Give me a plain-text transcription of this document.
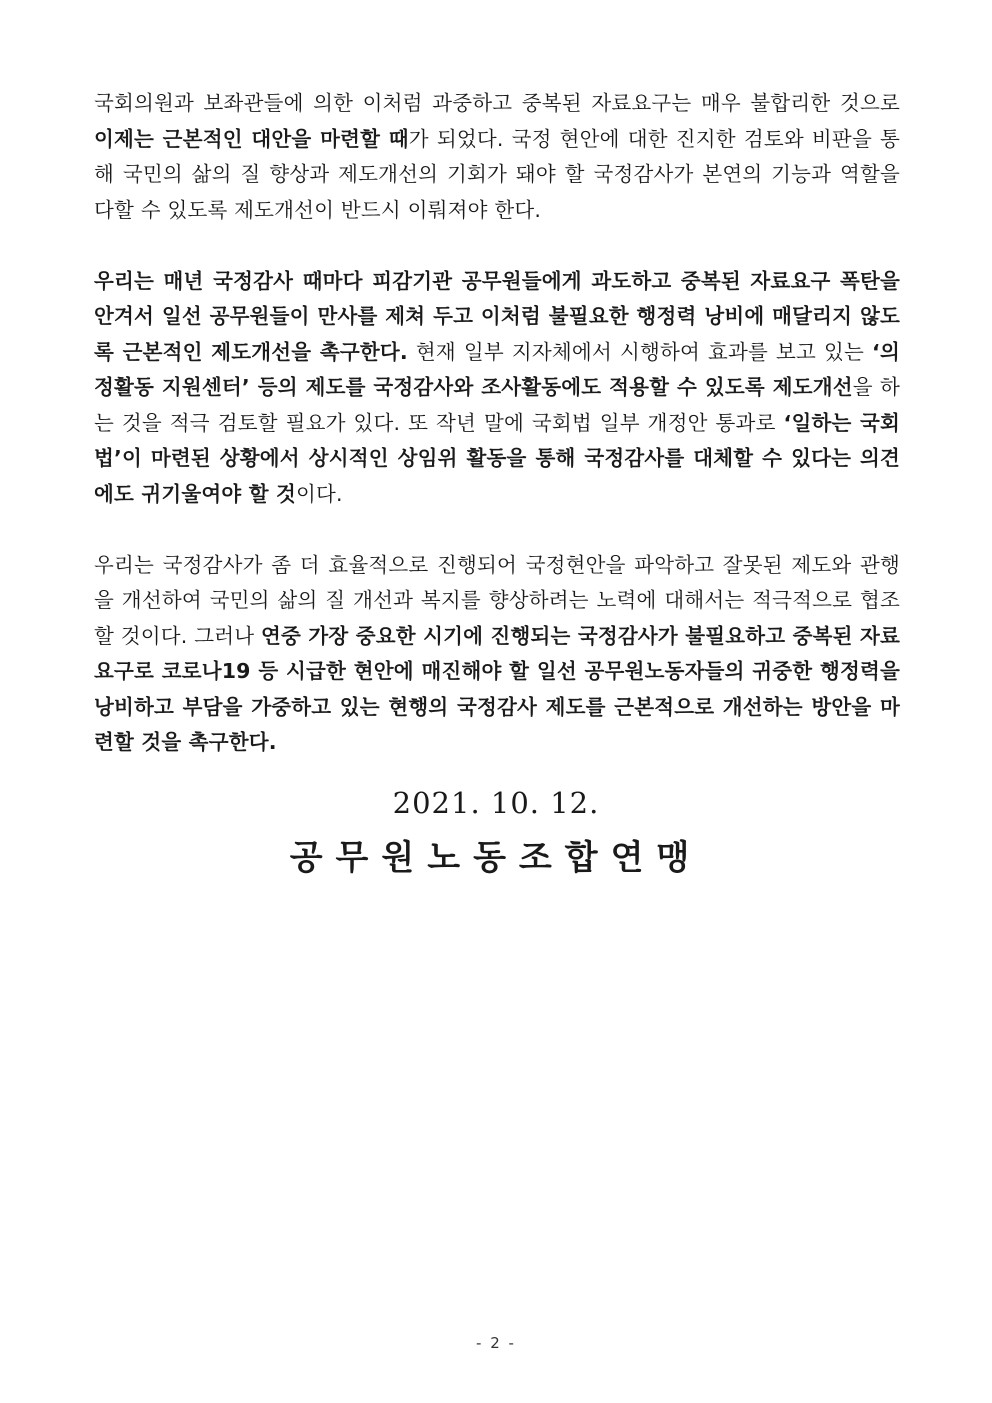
국회의원과 보좌관들에 의한 이처럼 과중하고 중복된 자료요구는 매우 불합리한 것으로 이제는 근본적인 대안을 마련할 때가 되었다. 국정 현안에 대한 진지한 검토와 비판을 통해 국민의 삶의 질 향상과 제도개선의 기회가 돼야 할 국정감사가 본연의 기능과 역할을 다할 수 있도록 제도개선이 반드시 이뤄져야 한다.

우리는 매년 국정감사 때마다 피감기관 공무원들에게 과도하고 중복된 자료요구 폭탄을 안겨서 일선 공무원들이 만사를 제쳐 두고 이처럼 불필요한 행정력 낭비에 매달리지 않도록 근본적인 제도개선을 촉구한다. 현재 일부 지자체에서 시행하여 효과를 보고 있는 ‘의정활동 지원센터’ 등의 제도를 국정감사와 조사활동에도 적용할 수 있도록 제도개선을 하는 것을 적극 검토할 필요가 있다. 또 작년 말에 국회법 일부 개정안 통과로 ‘일하는 국회법’이 마련된 상황에서 상시적인 상임위 활동을 통해 국정감사를 대체할 수 있다는 의견에도 귀기울여야 할 것이다.

우리는 국정감사가 좀 더 효율적으로 진행되어 국정현안을 파악하고 잘못된 제도와 관행을 개선하여 국민의 삶의 질 개선과 복지를 향상하려는 노력에 대해서는 적극적으로 협조할 것이다. 그러나 연중 가장 중요한 시기에 진행되는 국정감사가 불필요하고 중복된 자료 요구로 코로나19 등 시급한 현안에 매진해야 할 일선 공무원노동자들의 귀중한 행정력을 낭비하고 부담을 가중하고 있는 현행의 국정감사 제도를 근본적으로 개선하는 방안을 마련할 것을 촉구한다.

2021. 10. 12.
공무원노동조합연맹
- 2 -
